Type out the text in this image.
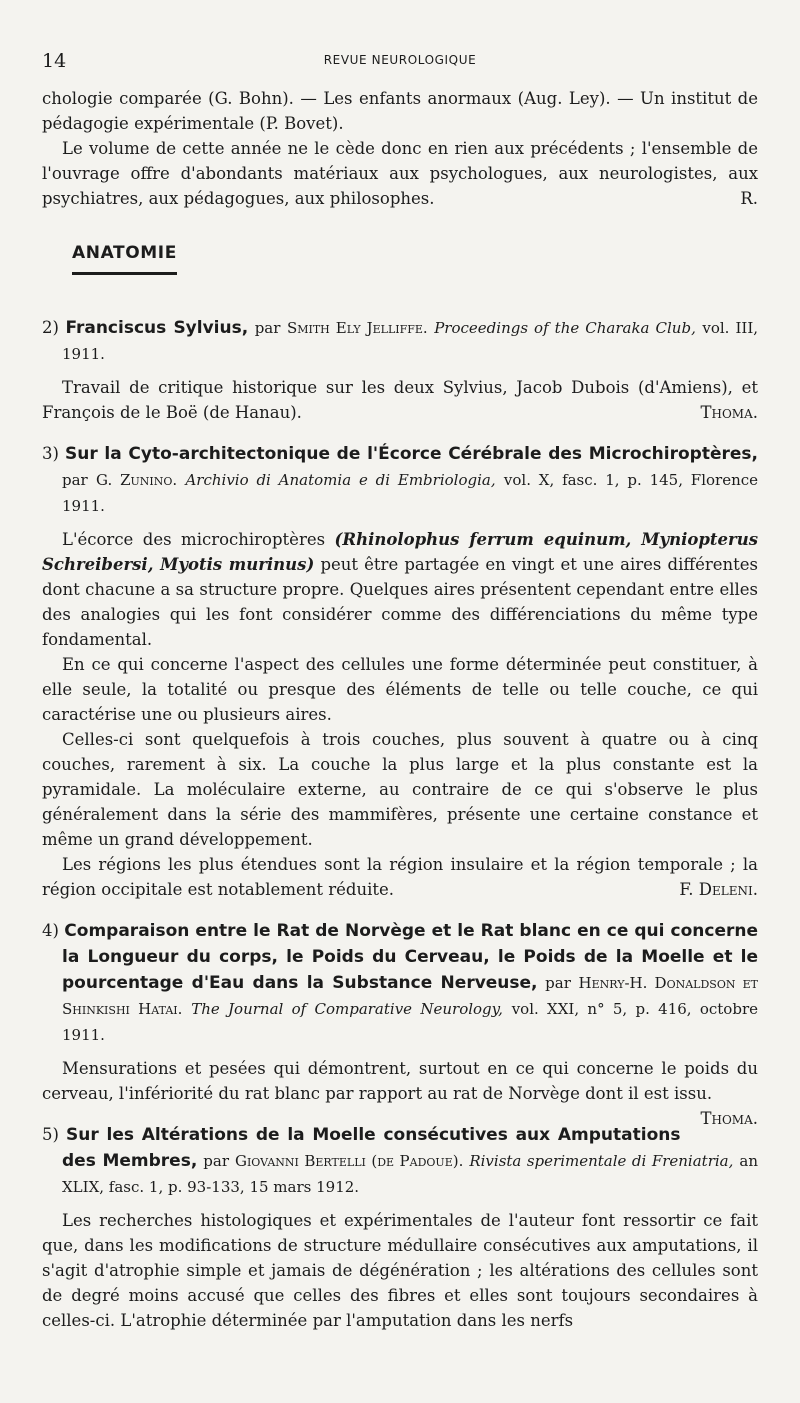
14	REVUE NEUROLOGIQUE

chologie comparée (G. Bohn). — Les enfants anormaux (Aug. Ley). — Un institut de pédagogie expérimentale (P. Bovet).

Le volume de cette année ne le cède donc en rien aux précédents ; l'ensemble de l'ouvrage offre d'abondants matériaux aux psychologues, aux neurologistes, aux psychiatres, aux pédagogues, aux philosophes.	R.

ANATOMIE

2) Franciscus Sylvius, par Smith Ely Jelliffe. Proceedings of the Charaka Club, vol. III, 1911.

Travail de critique historique sur les deux Sylvius, Jacob Dubois (d'Amiens), et François de le Boë (de Hanau).	Thoma.

3) Sur la Cyto-architectonique de l'Écorce Cérébrale des Microchiroptères, par G. Zunino. Archivio di Anatomia e di Embriologia, vol. X, fasc. 1, p. 145, Florence 1911.

L'écorce des microchiroptères (Rhinolophus ferrum equinum, Myniopterus Schreibersi, Myotis murinus) peut être partagée en vingt et une aires différentes dont chacune a sa structure propre. Quelques aires présentent cependant entre elles des analogies qui les font considérer comme des différenciations du même type fondamental.

En ce qui concerne l'aspect des cellules une forme déterminée peut constituer, à elle seule, la totalité ou presque des éléments de telle ou telle couche, ce qui caractérise une ou plusieurs aires.

Celles-ci sont quelquefois à trois couches, plus souvent à quatre ou à cinq couches, rarement à six. La couche la plus large et la plus constante est la pyramidale. La moléculaire externe, au contraire de ce qui s'observe le plus généralement dans la série des mammifères, présente une certaine constance et même un grand développement.

Les régions les plus étendues sont la région insulaire et la région temporale ; la région occipitale est notablement réduite.	F. Deleni.

4) Comparaison entre le Rat de Norvège et le Rat blanc en ce qui concerne la Longueur du corps, le Poids du Cerveau, le Poids de la Moelle et le pourcentage d'Eau dans la Substance Nerveuse, par Henry-H. Donaldson et Shinkishi Hatai. The Journal of Comparative Neurology, vol. XXI, n° 5, p. 416, octobre 1911.

Mensurations et pesées qui démontrent, surtout en ce qui concerne le poids du cerveau, l'infériorité du rat blanc par rapport au rat de Norvège dont il est issu.
Thoma.

5) Sur les Altérations de la Moelle consécutives aux Amputations des Membres, par Giovanni Bertelli (de Padoue). Rivista sperimentale di Freniatria, an XLIX, fasc. 1, p. 93-133, 15 mars 1912.

Les recherches histologiques et expérimentales de l'auteur font ressortir ce fait que, dans les modifications de structure médullaire consécutives aux amputations, il s'agit d'atrophie simple et jamais de dégénération ; les altérations des cellules sont de degré moins accusé que celles des fibres et elles sont toujours secondaires à celles-ci. L'atrophie déterminée par l'amputation dans les nerfs
